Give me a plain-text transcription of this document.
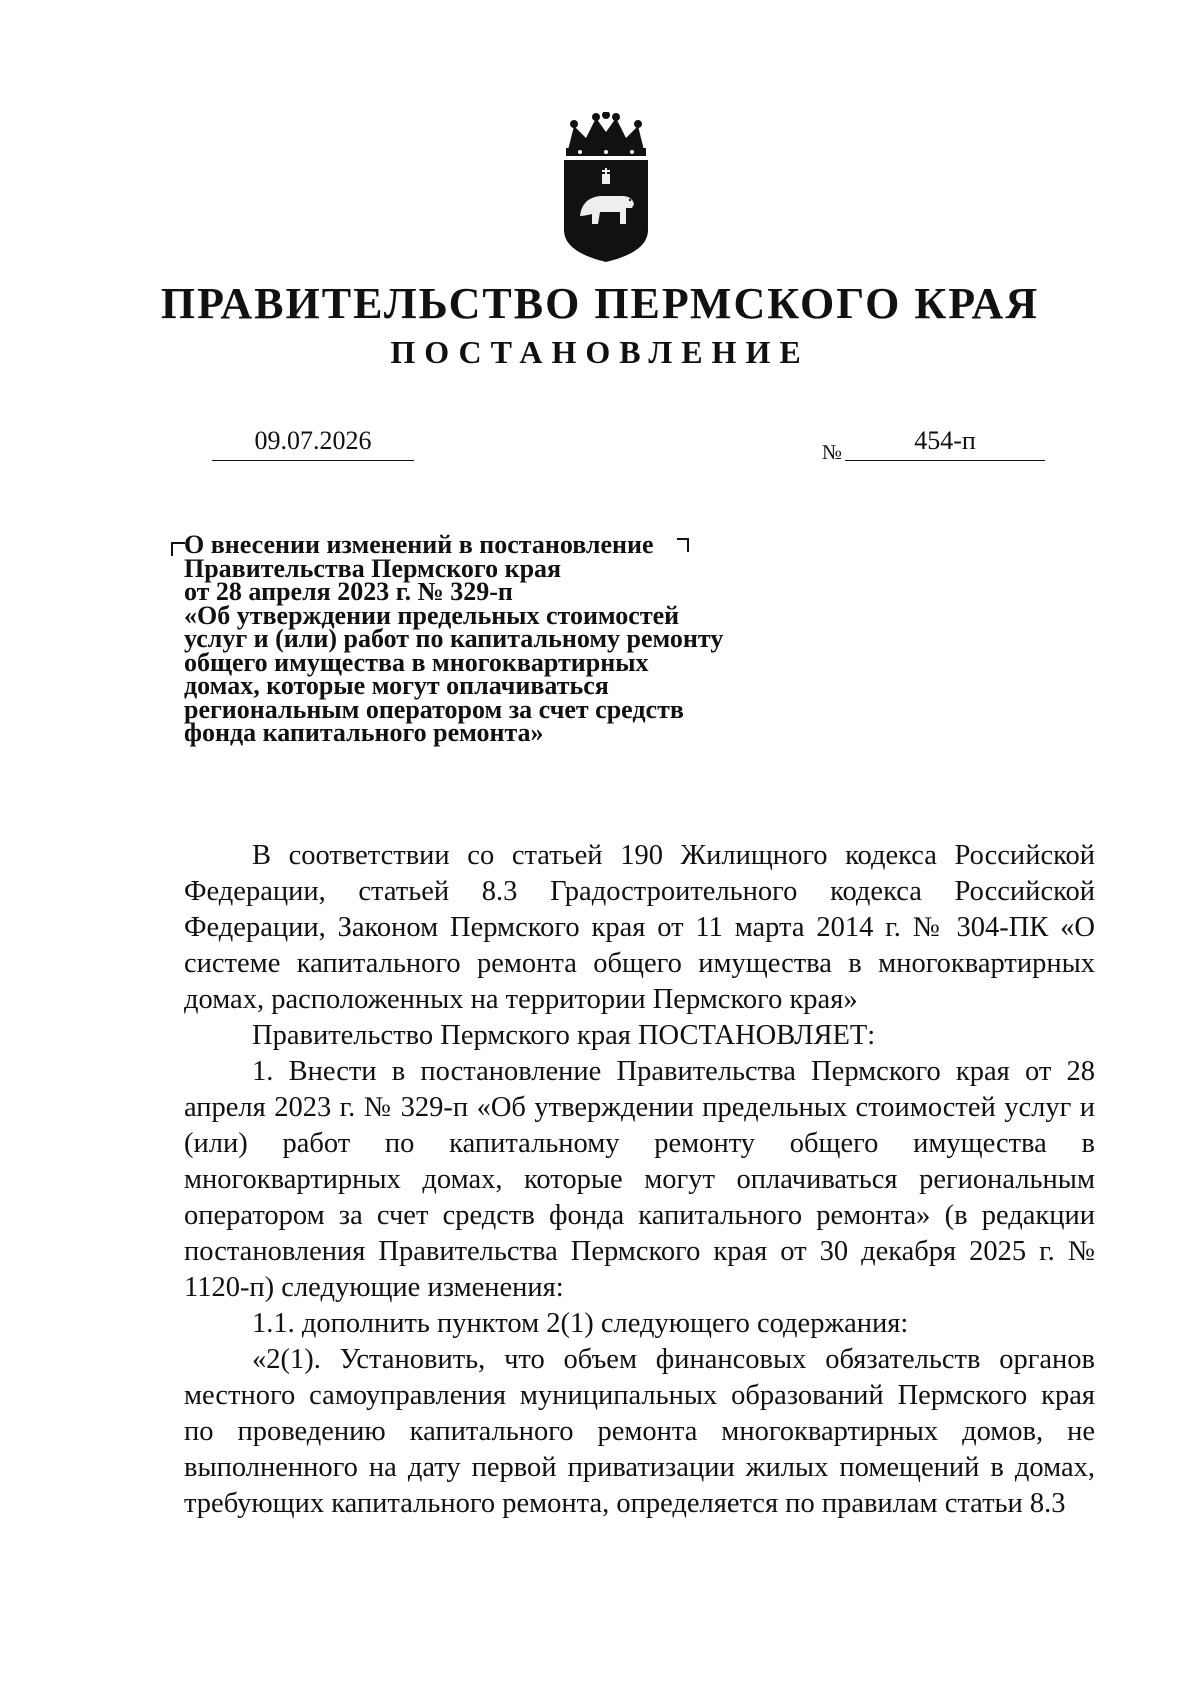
ПРАВИТЕЛЬСТВО ПЕРМСКОГО КРАЯ
ПОСТАНОВЛЕНИЕ
09.07.2026	№	454-п
О внесении изменений в постановление
Правительства Пермского края
от 28 апреля 2023 г. № 329-п
«Об утверждении предельных стоимостей
услуг и (или) работ по капитальному ремонту
общего имущества в многоквартирных
домах, которые могут оплачиваться
региональным оператором за счет средств
фонда капитального ремонта»

В соответствии со статьей 190 Жилищного кодекса Российской Федерации, статьей 8.3 Градостроительного кодекса Российской Федерации, Законом Пермского края от 11 марта 2014 г. № 304-ПК «О системе капитального ремонта общего имущества в многоквартирных домах, расположенных на территории Пермского края»

Правительство Пермского края ПОСТАНОВЛЯЕТ:

1. Внести в постановление Правительства Пермского края от 28 апреля 2023 г. № 329-п «Об утверждении предельных стоимостей услуг и (или) работ по капитальному ремонту общего имущества в многоквартирных домах, которые могут оплачиваться региональным оператором за счет средств фонда капитального ремонта» (в редакции постановления Правительства Пермского края от 30 декабря 2025 г. № 1120-п) следующие изменения:

1.1. дополнить пунктом 2(1) следующего содержания:

«2(1). Установить, что объем финансовых обязательств органов местного самоуправления муниципальных образований Пермского края по проведению капитального ремонта многоквартирных домов, не выполненного на дату первой приватизации жилых помещений в домах, требующих капитального ремонта, определяется по правилам статьи 8.3
